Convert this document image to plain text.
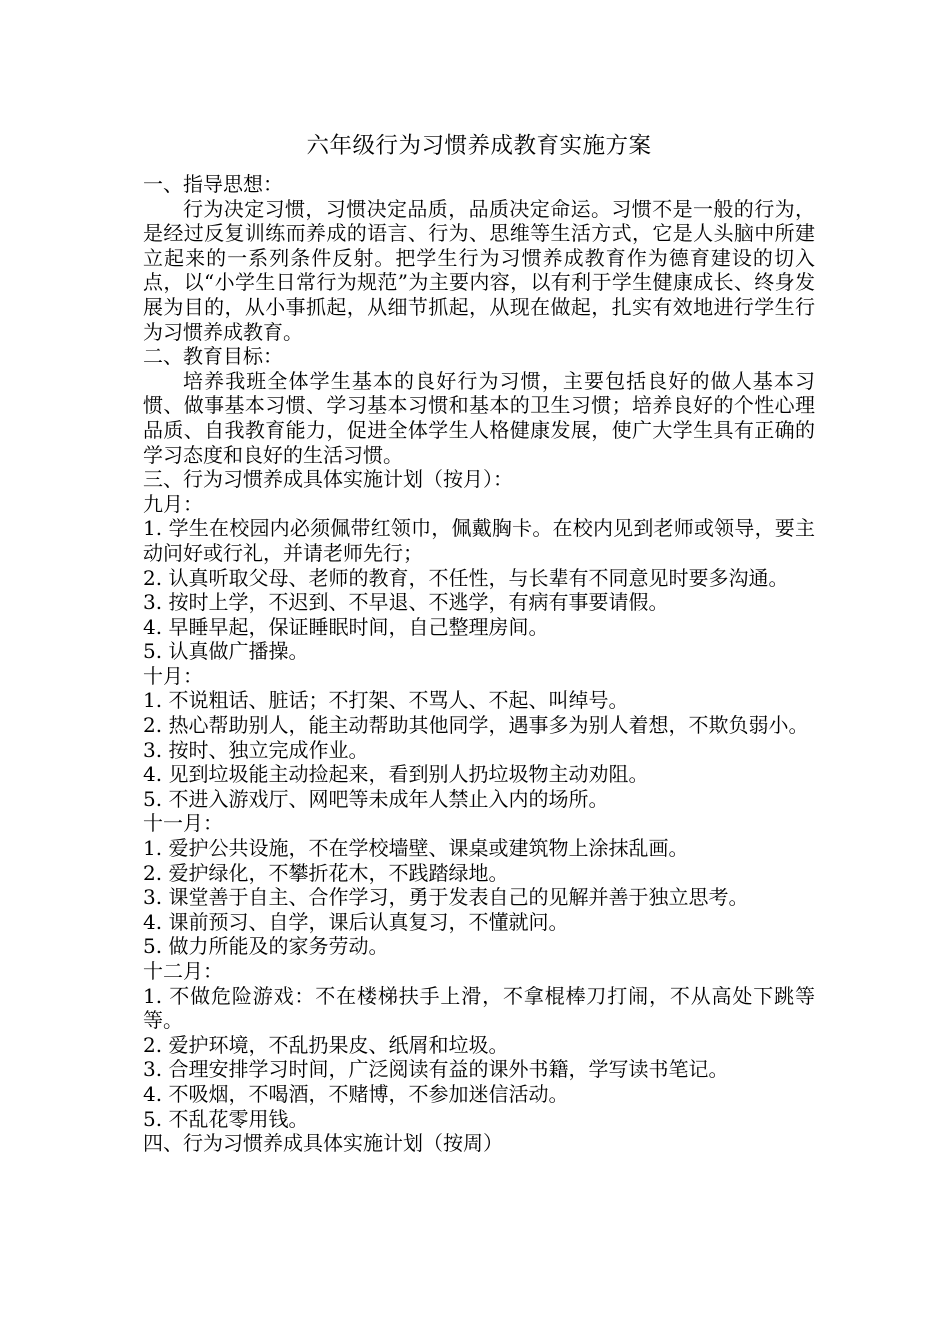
六年级行为习惯养成教育实施方案
一、指导思想：

行为决定习惯，习惯决定品质，品质决定命运。习惯不是一般的行为，是经过反复训练而养成的语言、行为、思维等生活方式，它是人头脑中所建立起来的一系列条件反射。把学生行为习惯养成教育作为德育建设的切入点，以“小学生日常行为规范”为主要内容，以有利于学生健康成长、终身发展为目的，从小事抓起，从细节抓起，从现在做起，扎实有效地进行学生行为习惯养成教育。

二、教育目标：

培养我班全体学生基本的良好行为习惯，主要包括良好的做人基本习惯、做事基本习惯、学习基本习惯和基本的卫生习惯；培养良好的个性心理品质、自我教育能力，促进全体学生人格健康发展，使广大学生具有正确的学习态度和良好的生活习惯。

三、行为习惯养成具体实施计划（按月）：
九月：
1. 学生在校园内必须佩带红领巾，佩戴胸卡。在校内见到老师或领导，要主动问好或行礼，并请老师先行；
2. 认真听取父母、老师的教育，不任性，与长辈有不同意见时要多沟通。
3. 按时上学，不迟到、不早退、不逃学，有病有事要请假。
4. 早睡早起，保证睡眠时间，自己整理房间。
5. 认真做广播操。
十月：
1. 不说粗话、脏话；不打架、不骂人、不起、叫绰号。
2. 热心帮助别人，能主动帮助其他同学，遇事多为别人着想，不欺负弱小。
3. 按时、独立完成作业。
4. 见到垃圾能主动捡起来，看到别人扔垃圾物主动劝阻。
5. 不进入游戏厅、网吧等未成年人禁止入内的场所。
十一月：
1. 爱护公共设施，不在学校墙壁、课桌或建筑物上涂抹乱画。
2. 爱护绿化，不攀折花木，不践踏绿地。
3. 课堂善于自主、合作学习，勇于发表自己的见解并善于独立思考。
4. 课前预习、自学，课后认真复习，不懂就问。
5. 做力所能及的家务劳动。
十二月：
1. 不做危险游戏：不在楼梯扶手上滑，不拿棍棒刀打闹，不从高处下跳等等。
2. 爱护环境，不乱扔果皮、纸屑和垃圾。
3. 合理安排学习时间，广泛阅读有益的课外书籍，学写读书笔记。
4. 不吸烟，不喝酒，不赌博，不参加迷信活动。
5. 不乱花零用钱。
四、行为习惯养成具体实施计划（按周）
